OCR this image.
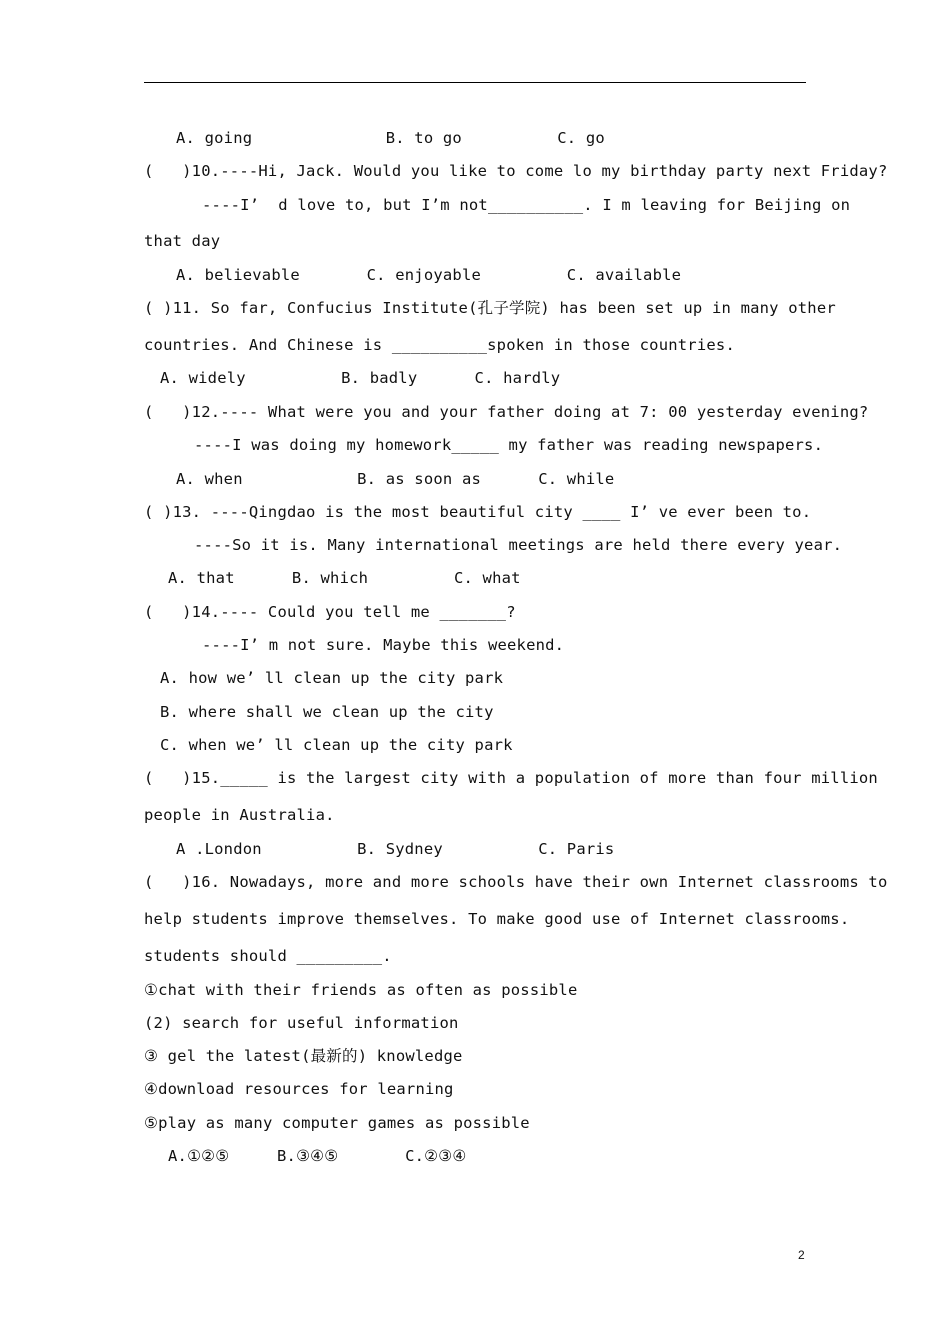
A. going              B. to go          C. go
(   )10.----Hi, Jack. Would you like to come lo my birthday party next Friday?
----I’  d love to, but I’m not__________. I m leaving for Beijing on
that day
A. believable       C. enjoyable         C. available
( )11. So far, Confucius Institute(孔子学院) has been set up in many other
countries. And Chinese is __________spoken in those countries.
A. widely          B. badly      C. hardly
(   )12.---- What were you and your father doing at 7: 00 yesterday evening?
----I was doing my homework_____ my father was reading newspapers.
A. when            B. as soon as      C. while
( )13. ----Qingdao is the most beautiful city ____ I’ ve ever been to.
----So it is. Many international meetings are held there every year.
A. that      B. which         C. what
(   )14.---- Could you tell me _______?
----I’ m not sure. Maybe this weekend.
A. how we’ ll clean up the city park
B. where shall we clean up the city
C. when we’ ll clean up the city park
(   )15._____ is the largest city with a population of more than four million
people in Australia.
A .London          B. Sydney          C. Paris
(   )16. Nowadays, more and more schools have their own Internet classrooms to
help students improve themselves. To make good use of Internet classrooms.
students should _________.
①chat with their friends as often as possible
(2) search for useful information
③ gel the latest(最新的) knowledge
④download resources for learning
⑤play as many computer games as possible
A.①②⑤     B.③④⑤       C.②③④
2
